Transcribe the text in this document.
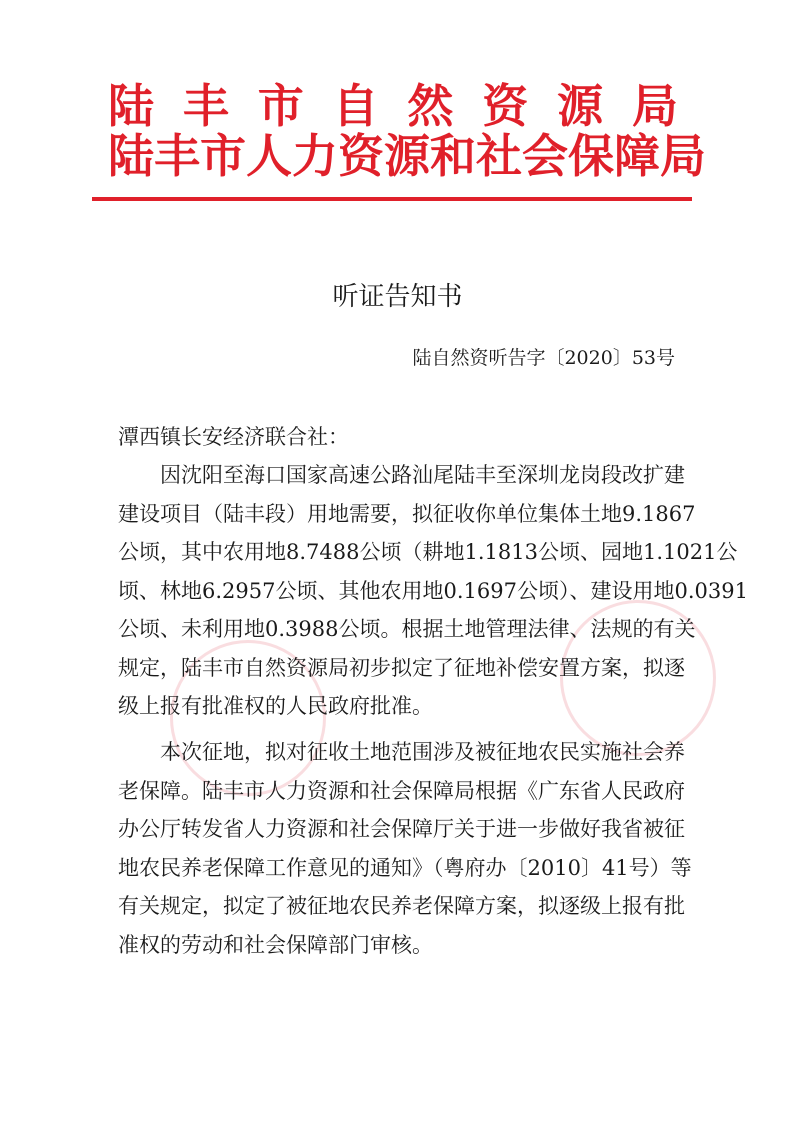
陆丰市自然资源局
陆丰市人力资源和社会保障局
听证告知书
陆自然资听告字〔2020〕53号
潭西镇长安经济联合社：
因沈阳至海口国家高速公路汕尾陆丰至深圳龙岗段改扩建
建设项目（陆丰段）用地需要，拟征收你单位集体土地9.1867
公顷，其中农用地8.7488公顷（耕地1.1813公顷、园地1.1021公
顷、林地6.2957公顷、其他农用地0.1697公顷）、建设用地0.0391
公顷、未利用地0.3988公顷。根据土地管理法律、法规的有关
规定，陆丰市自然资源局初步拟定了征地补偿安置方案，拟逐
级上报有批准权的人民政府批准。
本次征地，拟对征收土地范围涉及被征地农民实施社会养
老保障。陆丰市人力资源和社会保障局根据《广东省人民政府
办公厅转发省人力资源和社会保障厅关于进一步做好我省被征
地农民养老保障工作意见的通知》（粤府办〔2010〕41号）等
有关规定，拟定了被征地农民养老保障方案，拟逐级上报有批
准权的劳动和社会保障部门审核。
